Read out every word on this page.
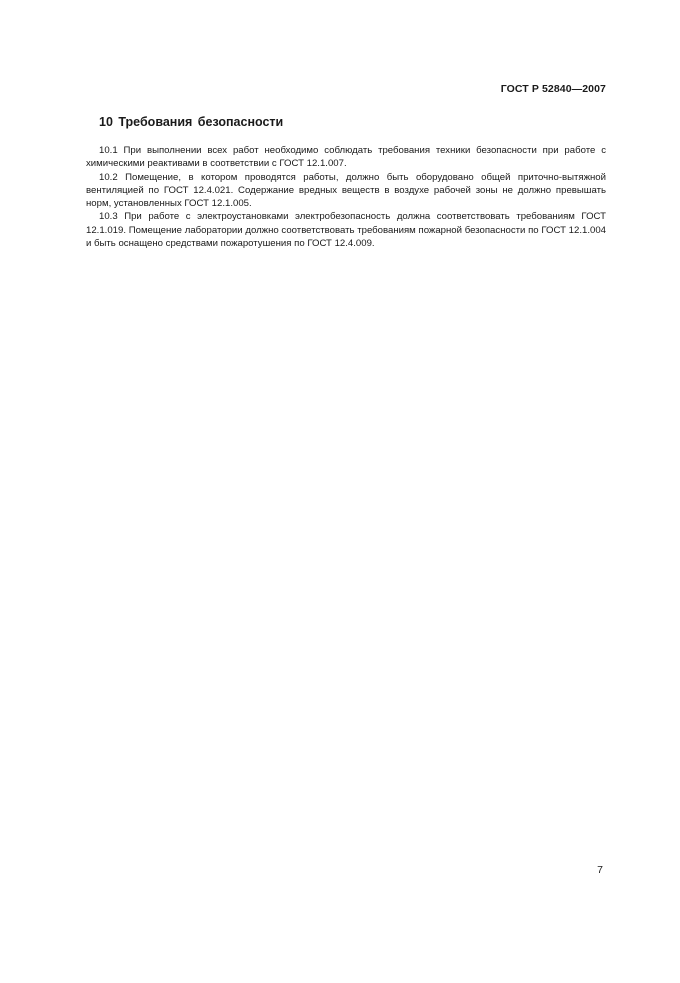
ГОСТ Р 52840—2007
10 Требования безопасности

10.1 При выполнении всех работ необходимо соблюдать требования техники безопасности при работе с химическими реактивами в соответствии с ГОСТ 12.1.007.

10.2 Помещение, в котором проводятся работы, должно быть оборудовано общей приточно-вытяжной вентиляцией по ГОСТ 12.4.021. Содержание вредных веществ в воздухе рабочей зоны не должно превышать норм, установленных ГОСТ 12.1.005.

10.3 При работе с электроустановками электробезопасность должна соответствовать требованиям ГОСТ 12.1.019. Помещение лаборатории должно соответствовать требованиям пожарной безопасности по ГОСТ 12.1.004 и быть оснащено средствами пожаротушения по ГОСТ 12.4.009.

7
